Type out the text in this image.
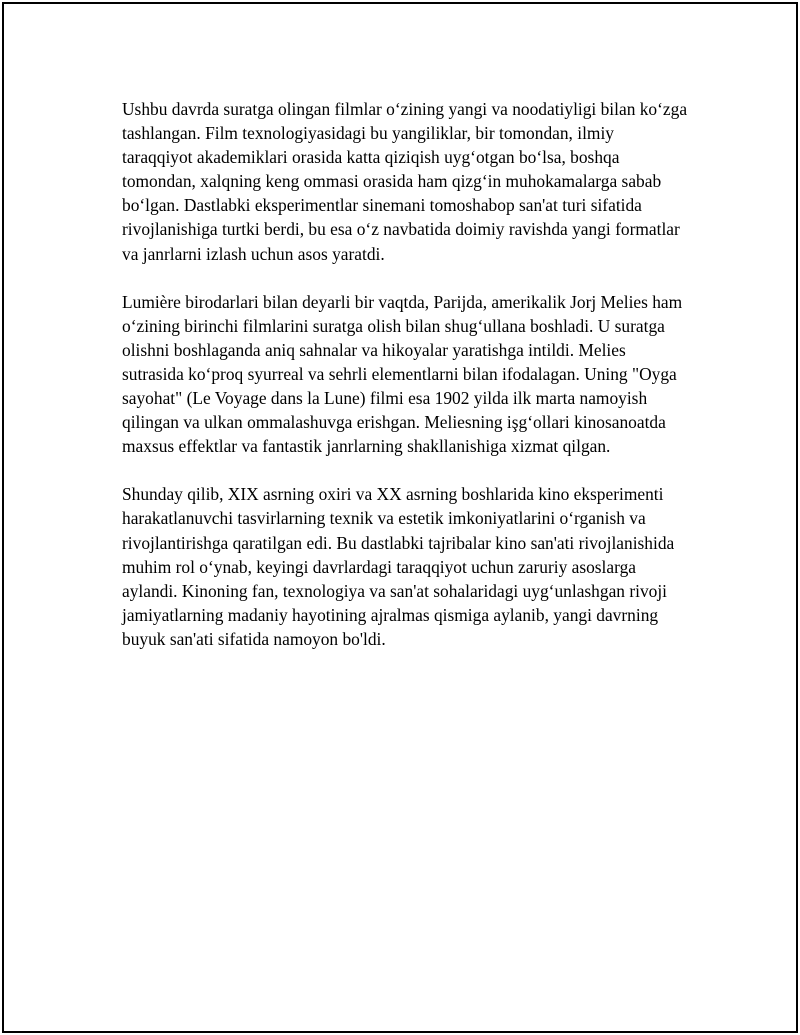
Ushbu davrda suratga olingan filmlar o‘zining yangi va noodatiyligi bilan ko‘zga tashlangan. Film texnologiyasidagi bu yangiliklar, bir tomondan, ilmiy taraqqiyot akademiklari orasida katta qiziqish uyg‘otgan bo‘lsa, boshqa tomondan, xalqning keng ommasi orasida ham qizg‘in muhokamalarga sabab bo‘lgan. Dastlabki eksperimentlar sinemani tomoshabop san'at turi sifatida rivojlanishiga turtki berdi, bu esa o‘z navbatida doimiy ravishda yangi formatlar va janrlarni izlash uchun asos yaratdi.

Lumière birodarlari bilan deyarli bir vaqtda, Parijda, amerikalik Jorj Melies ham o‘zining birinchi filmlarini suratga olish bilan shug‘ullana boshladi. U suratga olishni boshlaganda aniq sahnalar va hikoyalar yaratishga intildi. Melies sutrasida ko‘proq syurreal va sehrli elementlarni bilan ifodalagan. Uning "Oyga sayohat" (Le Voyage dans la Lune) filmi esa 1902 yilda ilk marta namoyish qilingan va ulkan ommalashuvga erishgan. Meliesning işg‘ollari kinosanoatda maxsus effektlar va fantastik janrlarning shakllanishiga xizmat qilgan.

Shunday qilib, XIX asrning oxiri va XX asrning boshlarida kino eksperimenti harakatlanuvchi tasvirlarning texnik va estetik imkoniyatlarini o‘rganish va rivojlantirishga qaratilgan edi. Bu dastlabki tajribalar kino san'ati rivojlanishida muhim rol o‘ynab, keyingi davrlardagi taraqqiyot uchun zaruriy asoslarga aylandi. Kinoning fan, texnologiya va san'at sohalaridagi uyg‘unlashgan rivoji jamiyatlarning madaniy hayotining ajralmas qismiga aylanib, yangi davrning buyuk san'ati sifatida namoyon bo'ldi.
